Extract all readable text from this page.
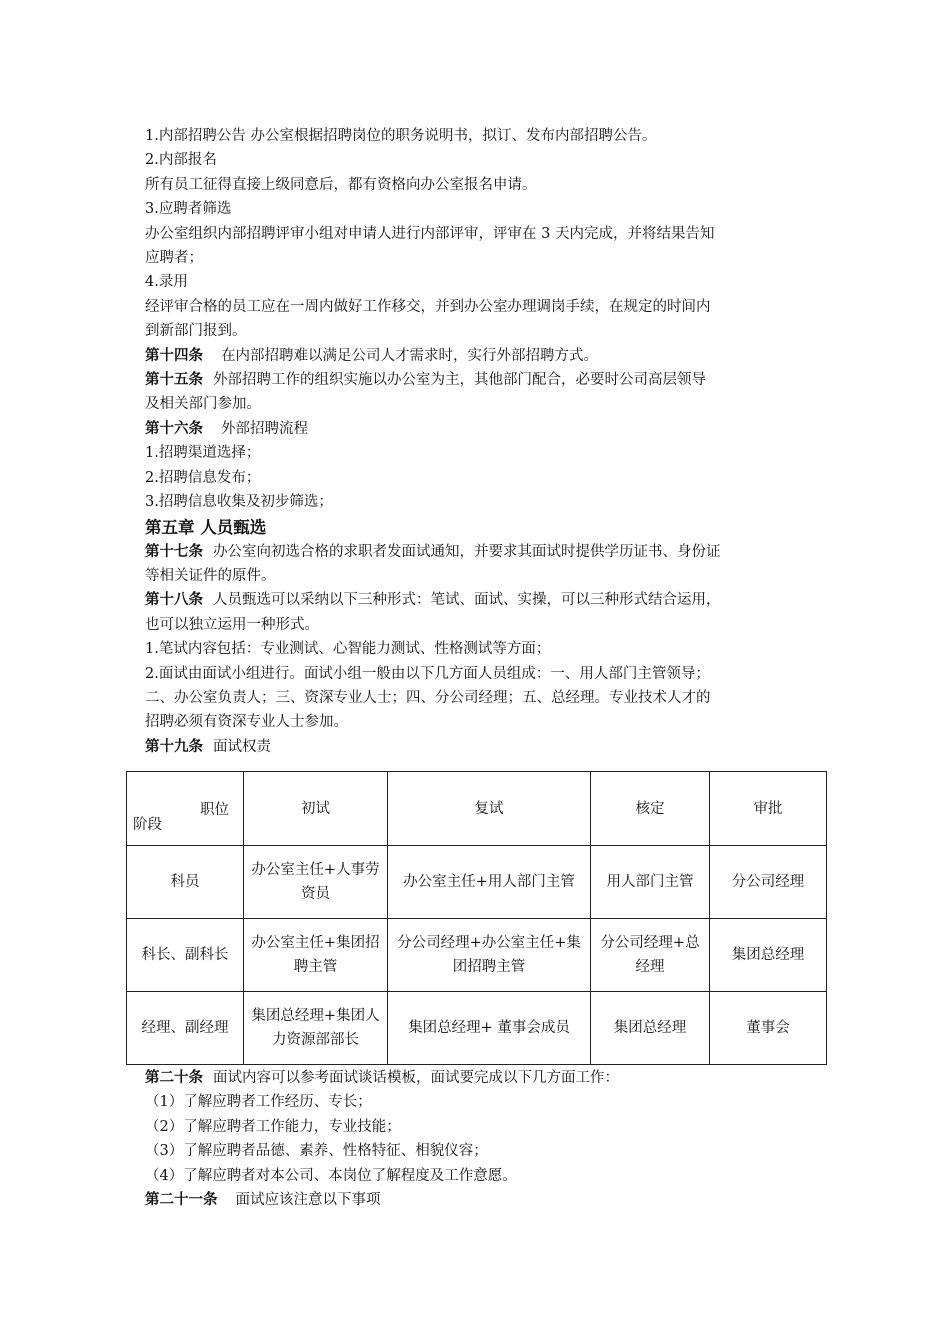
1.内部招聘公告 办公室根据招聘岗位的职务说明书，拟订、发布内部招聘公告。
2.内部报名
所有员工征得直接上级同意后，都有资格向办公室报名申请。
3.应聘者筛选
办公室组织内部招聘评审小组对申请人进行内部评审，评审在 3 天内完成，并将结果告知
应聘者；
4.录用
经评审合格的员工应在一周内做好工作移交，并到办公室办理调岗手续，在规定的时间内
到新部门报到。
第十四条 在内部招聘难以满足公司人才需求时，实行外部招聘方式。
第十五条 外部招聘工作的组织实施以办公室为主，其他部门配合，必要时公司高层领导
及相关部门参加。
第十六条 外部招聘流程
1.招聘渠道选择；
2.招聘信息发布；
3.招聘信息收集及初步筛选；
第五章 人员甄选
第十七条 办公室向初选合格的求职者发面试通知，并要求其面试时提供学历证书、身份证
等相关证件的原件。
第十八条 人员甄选可以采纳以下三种形式：笔试、面试、实操，可以三种形式结合运用，
也可以独立运用一种形式。
1.笔试内容包括：专业测试、心智能力测试、性格测试等方面；
2.面试由面试小组进行。面试小组一般由以下几方面人员组成：一、用人部门主管领导；
二、办公室负责人；三、资深专业人士；四、分公司经理；五、总经理。专业技术人才的
招聘必须有资深专业人士参加。
第十九条 面试权责
职位
阶段	初试	复试	核定	审批
科员	办公室主任+人事劳资员	办公室主任+用人部门主管	用人部门主管	分公司经理
科长、副科长	办公室主任+集团招聘主管	分公司经理+办公室主任+集团招聘主管	分公司经理+总经理	集团总经理
经理、副经理	集团总经理+集团人力资源部部长	集团总经理+ 董事会成员	集团总经理	董事会
第二十条 面试内容可以参考面试谈话模板，面试要完成以下几方面工作：
（1）了解应聘者工作经历、专长；
（2）了解应聘者工作能力，专业技能；
（3）了解应聘者品德、素养、性格特征、相貌仪容；
（4）了解应聘者对本公司、本岗位了解程度及工作意愿。
第二十一条 面试应该注意以下事项
